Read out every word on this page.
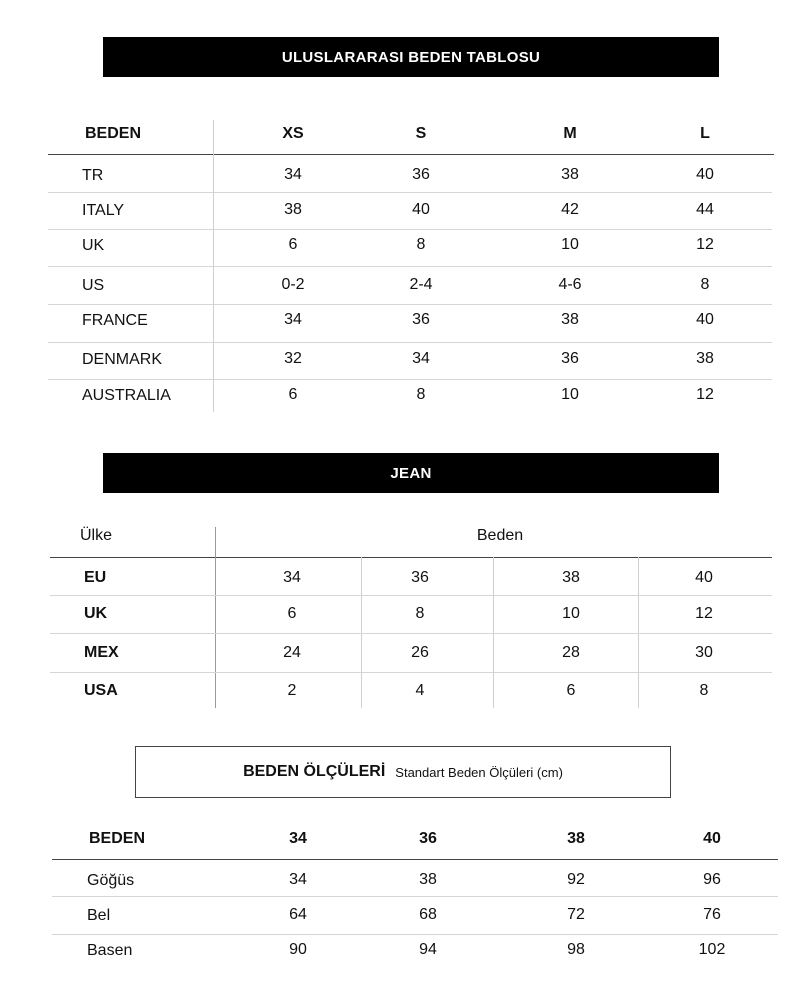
ULUSLARARASI BEDEN TABLOSU
BEDEN	XS	S	M	L
TR	34	36	38	40
ITALY	38	40	42	44
UK	6	8	10	12
US	0-2	2-4	4-6	8
FRANCE	34	36	38	40
DENMARK	32	34	36	38
AUSTRALIA	6	8	10	12
JEAN
Ülke	Beden
EU	34	36	38	40
UK	6	8	10	12
MEX	24	26	28	30
USA	2	4	6	8
BEDEN ÖLÇÜLERİ Standart Beden Ölçüleri (cm)
BEDEN	34	36	38	40
Göğüs	34	38	92	96
Bel	64	68	72	76
Basen	90	94	98	102
